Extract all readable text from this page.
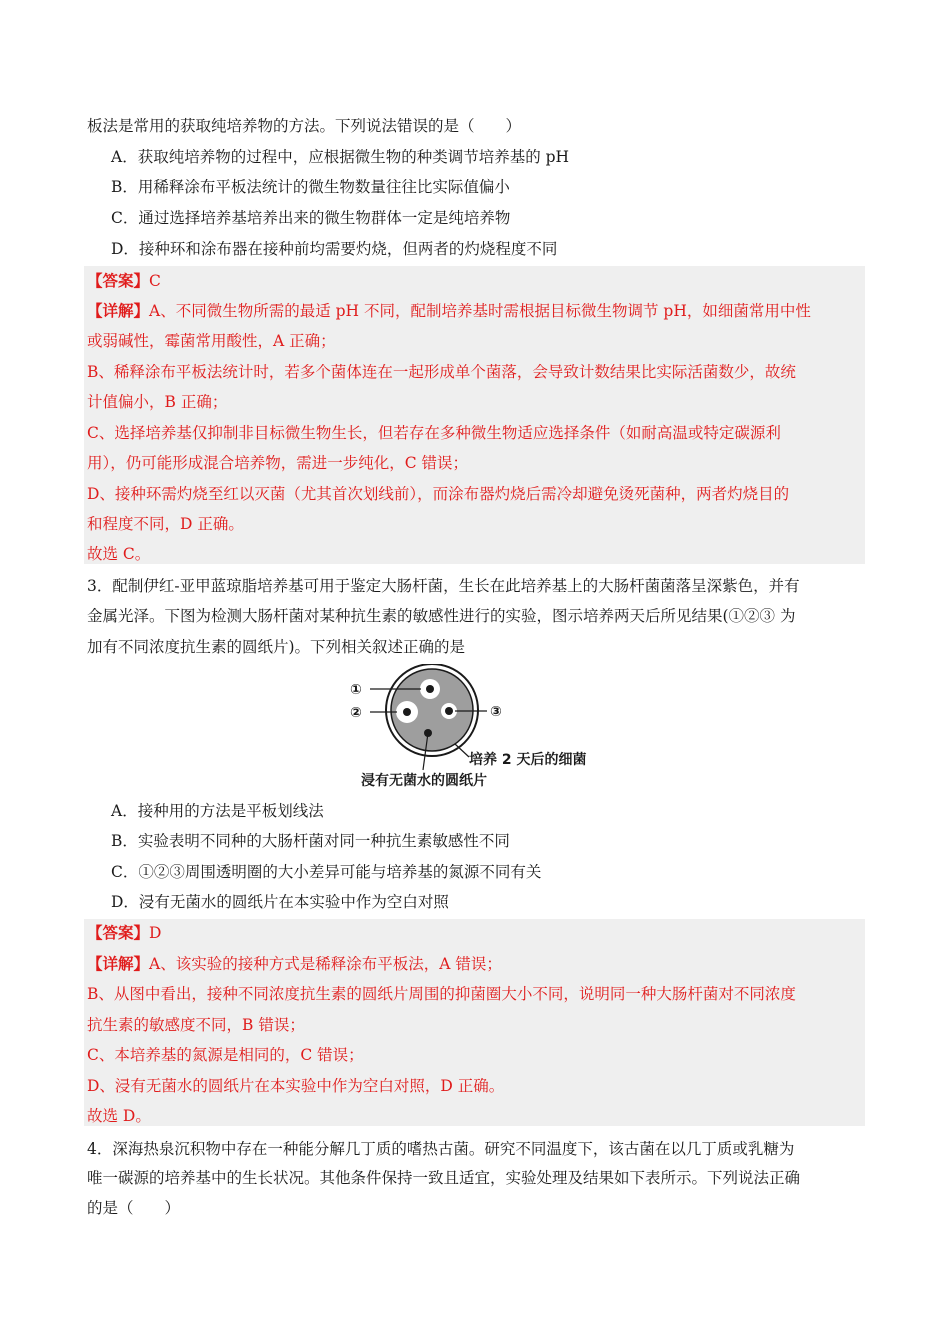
板法是常用的获取纯培养物的方法。下列说法错误的是（　　）
A．获取纯培养物的过程中，应根据微生物的种类调节培养基的 pH
B．用稀释涂布平板法统计的微生物数量往往比实际值偏小
C．通过选择培养基培养出来的微生物群体一定是纯培养物
D．接种环和涂布器在接种前均需要灼烧，但两者的灼烧程度不同
【答案】C
【详解】A、不同微生物所需的最适 pH 不同，配制培养基时需根据目标微生物调节 pH，如细菌常用中性
或弱碱性，霉菌常用酸性，A 正确；
B、稀释涂布平板法统计时，若多个菌体连在一起形成单个菌落，会导致计数结果比实际活菌数少，故统
计值偏小，B 正确；
C、选择培养基仅抑制非目标微生物生长，但若存在多种微生物适应选择条件（如耐高温或特定碳源利
用），仍可能形成混合培养物，需进一步纯化，C 错误；
D、接种环需灼烧至红以灭菌（尤其首次划线前），而涂布器灼烧后需冷却避免烫死菌种，两者灼烧目的
和程度不同，D 正确。
故选 C。
3．配制伊红-亚甲蓝琼脂培养基可用于鉴定大肠杆菌，生长在此培养基上的大肠杆菌菌落呈深紫色，并有
金属光泽。下图为检测大肠杆菌对某种抗生素的敏感性进行的实验，图示培养两天后所见结果(①②③ 为
加有不同浓度抗生素的圆纸片)。下列相关叙述正确的是
①
②	③
培养 2 天后的细菌
浸有无菌水的圆纸片
A．接种用的方法是平板划线法
B．实验表明不同种的大肠杆菌对同一种抗生素敏感性不同
C．①②③周围透明圈的大小差异可能与培养基的氮源不同有关
D．浸有无菌水的圆纸片在本实验中作为空白对照
【答案】D
【详解】A、该实验的接种方式是稀释涂布平板法，A 错误；
B、从图中看出，接种不同浓度抗生素的圆纸片周围的抑菌圈大小不同，说明同一种大肠杆菌对不同浓度
抗生素的敏感度不同，B 错误；
C、本培养基的氮源是相同的，C 错误；
D、浸有无菌水的圆纸片在本实验中作为空白对照，D 正确。
故选 D。
4．深海热泉沉积物中存在一种能分解几丁质的嗜热古菌。研究不同温度下，该古菌在以几丁质或乳糖为
唯一碳源的培养基中的生长状况。其他条件保持一致且适宜，实验处理及结果如下表所示。下列说法正确
的是（　　）
